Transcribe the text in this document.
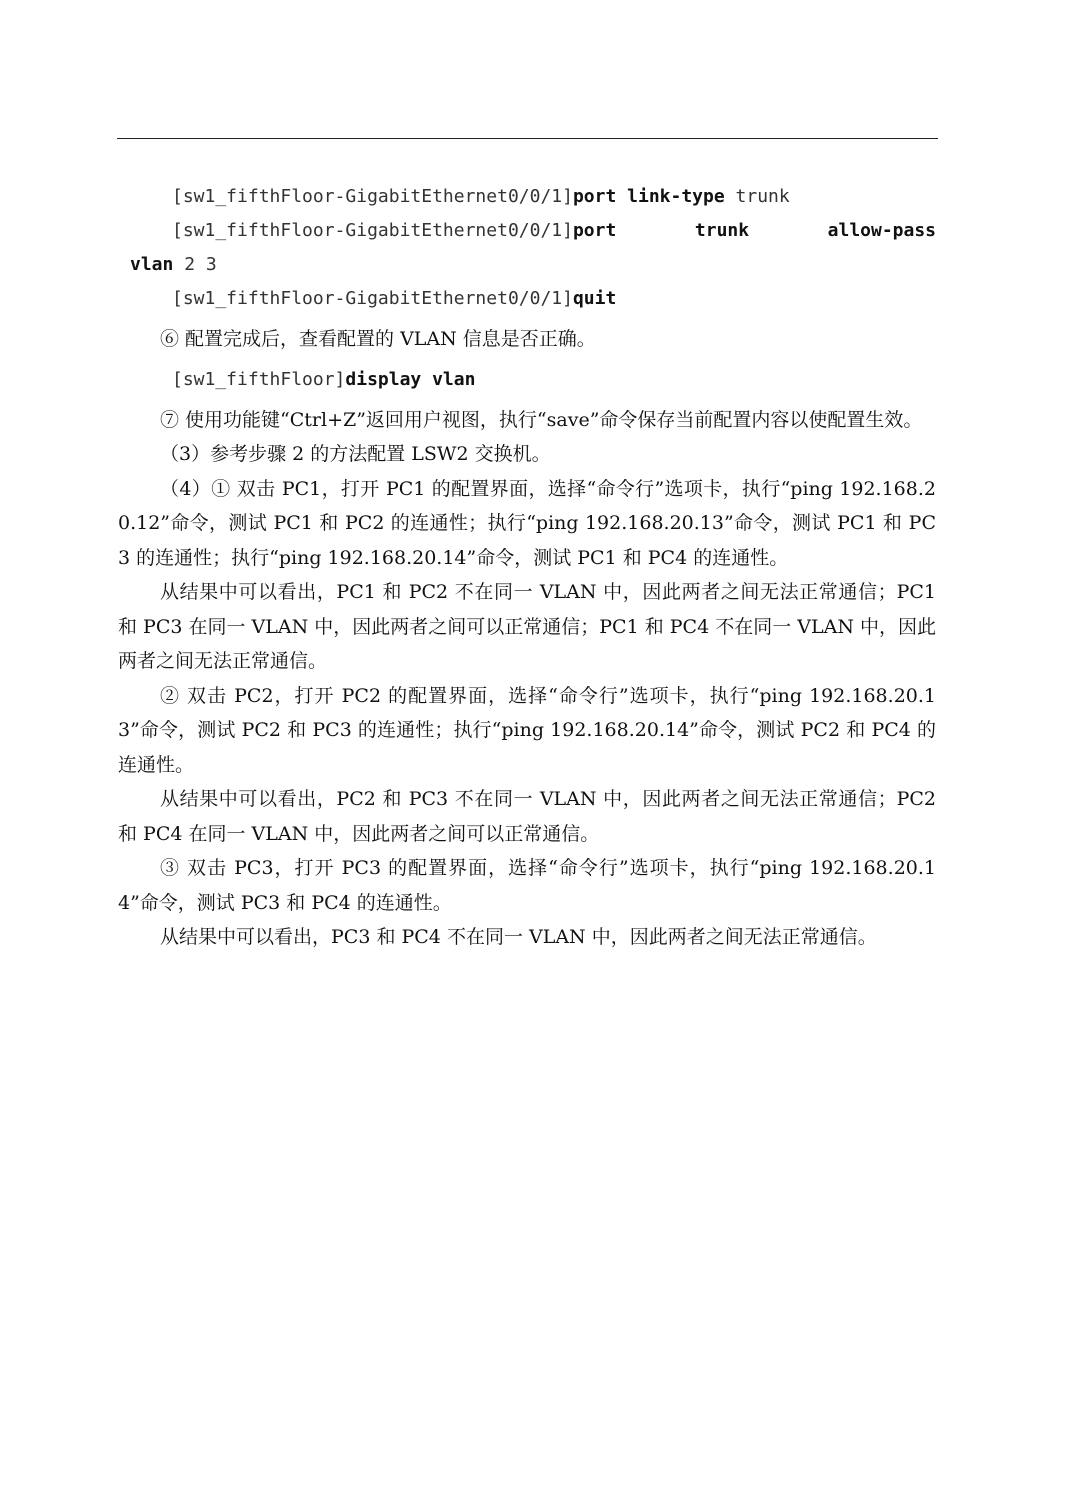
[sw1_fifthFloor-GigabitEthernet0/0/1]port link-type trunk
[sw1_fifthFloor-GigabitEthernet0/0/1]port	trunk	allow-pass
vlan 2 3
[sw1_fifthFloor-GigabitEthernet0/0/1]quit

⑥ 配置完成后，查看配置的 VLAN 信息是否正确。

[sw1_fifthFloor]display vlan

⑦ 使用功能键“Ctrl+Z”返回用户视图，执行“save”命令保存当前配置内容以使配置生效。

（3）参考步骤 2 的方法配置 LSW2 交换机。

（4）① 双击 PC1，打开 PC1 的配置界面，选择“命令行”选项卡，执行“ping 192.168.20.12”命令，测试 PC1 和 PC2 的连通性；执行“ping 192.168.20.13”命令，测试 PC1 和 PC3 的连通性；执行“ping 192.168.20.14”命令，测试 PC1 和 PC4 的连通性。

从结果中可以看出，PC1 和 PC2 不在同一 VLAN 中，因此两者之间无法正常通信；PC1 和 PC3 在同一 VLAN 中，因此两者之间可以正常通信；PC1 和 PC4 不在同一 VLAN 中，因此两者之间无法正常通信。

② 双击 PC2，打开 PC2 的配置界面，选择“命令行”选项卡，执行“ping 192.168.20.13”命令，测试 PC2 和 PC3 的连通性；执行“ping 192.168.20.14”命令，测试 PC2 和 PC4 的连通性。

从结果中可以看出，PC2 和 PC3 不在同一 VLAN 中，因此两者之间无法正常通信；PC2 和 PC4 在同一 VLAN 中，因此两者之间可以正常通信。

③ 双击 PC3，打开 PC3 的配置界面，选择“命令行”选项卡，执行“ping 192.168.20.14”命令，测试 PC3 和 PC4 的连通性。

从结果中可以看出，PC3 和 PC4 不在同一 VLAN 中，因此两者之间无法正常通信。
